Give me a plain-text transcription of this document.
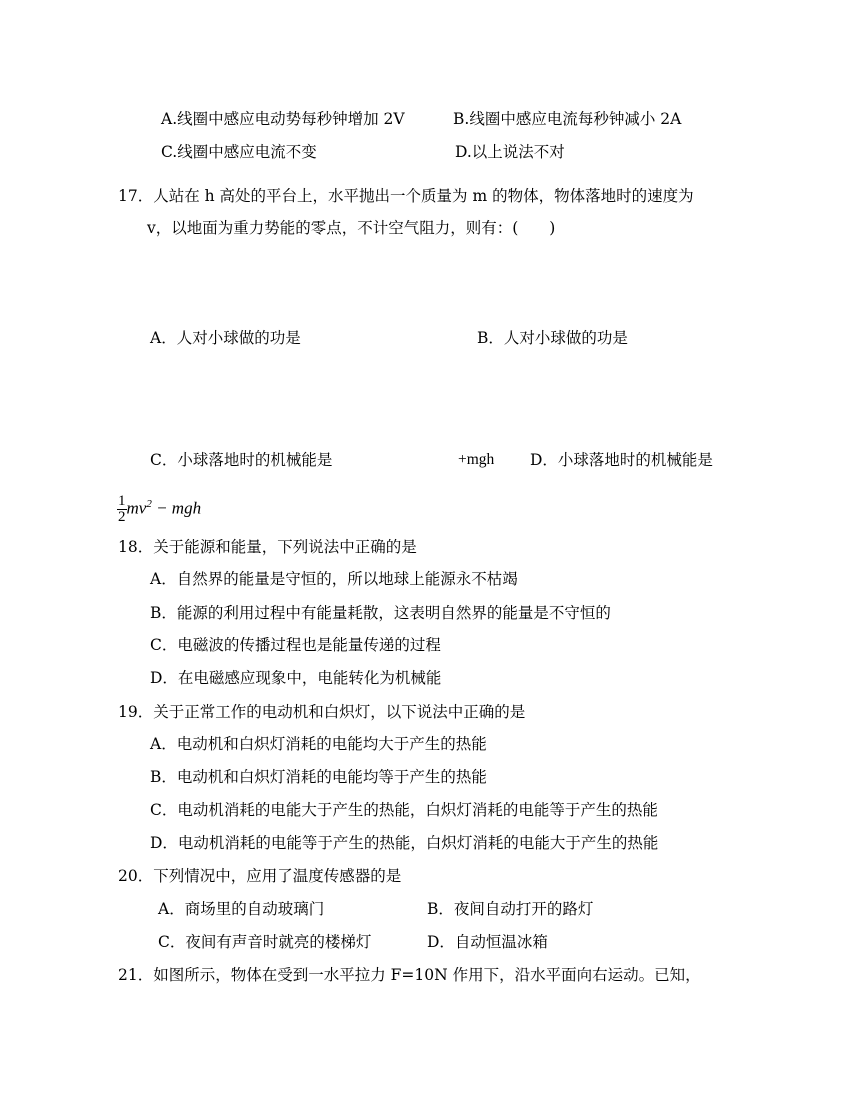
A.线圈中感应电动势每秒钟增加 2V	B.线圈中感应电流每秒钟减小 2A
C.线圈中感应电流不变	D.以上说法不对
17．人站在 h 高处的平台上，水平抛出一个质量为 m 的物体，物体落地时的速度为
v，以地面为重力势能的零点，不计空气阻力，则有：(　　)
A．人对小球做的功是	B．人对小球做的功是
C．小球落地时的机械能是	+mgh D．小球落地时的机械能是
$\frac{1}{2} mv^2$ − mgh
18．关于能源和能量，下列说法中正确的是
A．自然界的能量是守恒的，所以地球上能源永不枯竭
B．能源的利用过程中有能量耗散，这表明自然界的能量是不守恒的
C．电磁波的传播过程也是能量传递的过程
D．在电磁感应现象中，电能转化为机械能
19．关于正常工作的电动机和白炽灯，以下说法中正确的是
A．电动机和白炽灯消耗的电能均大于产生的热能
B．电动机和白炽灯消耗的电能均等于产生的热能
C．电动机消耗的电能大于产生的热能，白炽灯消耗的电能等于产生的热能
D．电动机消耗的电能等于产生的热能，白炽灯消耗的电能大于产生的热能
20．下列情况中，应用了温度传感器的是
A．商场里的自动玻璃门	B．夜间自动打开的路灯
C．夜间有声音时就亮的楼梯灯	D．自动恒温冰箱
21．如图所示，物体在受到一水平拉力 F=10N 作用下，沿水平面向右运动。已知，
